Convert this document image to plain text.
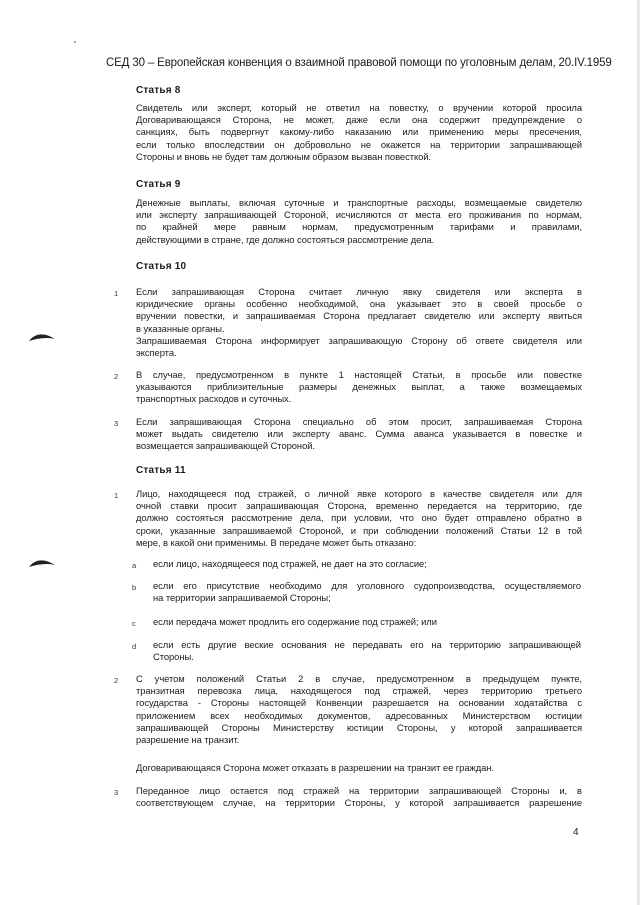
СЕД 30 – Европейская конвенция о взаимной правовой помощи по уголовным делам, 20.IV.1959
Статья 8
Свидетель или эксперт, который не ответил на повестку, о вручении которой просила
Договаривающаяся Сторона, не может, даже если она содержит предупреждение о
санкциях, быть подвергнут какому-либо наказанию или применению меры пресечения,
если только впоследствии он добровольно не окажется на территории запрашивающей
Стороны и вновь не будет там должным образом вызван повесткой.
Статья 9
Денежные выплаты, включая суточные и транспортные расходы, возмещаемые свидетелю
или эксперту запрашивающей Стороной, исчисляются от места его проживания по нормам,
по крайней мере равным нормам, предусмотренным тарифами и правилами,
действующими в стране, где должно состояться рассмотрение дела.
Статья 10
1 Если запрашивающая Сторона считает личную явку свидетеля или эксперта в
юридические органы особенно необходимой, она указывает это в своей просьбе о
вручении повестки, и запрашиваемая Сторона предлагает свидетелю или эксперту явиться
в указанные органы.
Запрашиваемая Сторона информирует запрашивающую Сторону об ответе свидетеля или
эксперта.
2 В случае, предусмотренном в пункте 1 настоящей Статьи, в просьбе или повестке
указываются приблизительные размеры денежных выплат, а также возмещаемых
транспортных расходов и суточных.
3 Если запрашивающая Сторона специально об этом просит, запрашиваемая Сторона
может выдать свидетелю или эксперту аванс. Сумма аванса указывается в повестке и
возмещается запрашивающей Стороной.
Статья 11
1 Лицо, находящееся под стражей, о личной явке которого в качестве свидетеля или для
очной ставки просит запрашивающая Сторона, временно передается на территорию, где
должно состояться рассмотрение дела, при условии, что оно будет отправлено обратно в
сроки, указанные запрашиваемой Стороной, и при соблюдении положений Статьи 12 в той
мере, в какой они применимы. В передаче может быть отказано:
a если лицо, находящееся под стражей, не дает на это согласие;
b если его присутствие необходимо для уголовного судопроизводства, осуществляемого
на территории запрашиваемой Стороны;
c если передача может продлить его содержание под стражей; или
d если есть другие веские основания не передавать его на территорию запрашивающей
Стороны.
2 С учетом положений Статьи 2 в случае, предусмотренном в предыдущем пункте,
транзитная перевозка лица, находящегося под стражей, через территорию третьего
государства - Стороны настоящей Конвенции разрешается на основании ходатайства с
приложением всех необходимых документов, адресованных Министерством юстиции
запрашивающей Стороны Министерству юстиции Стороны, у которой запрашивается
разрешение на транзит.
Договаривающаяся Сторона может отказать в разрешении на транзит ее граждан.
3 Переданное лицо остается под стражей на территории запрашивающей Стороны и, в
соответствующем случае, на территории Стороны, у которой запрашивается разрешение
4
